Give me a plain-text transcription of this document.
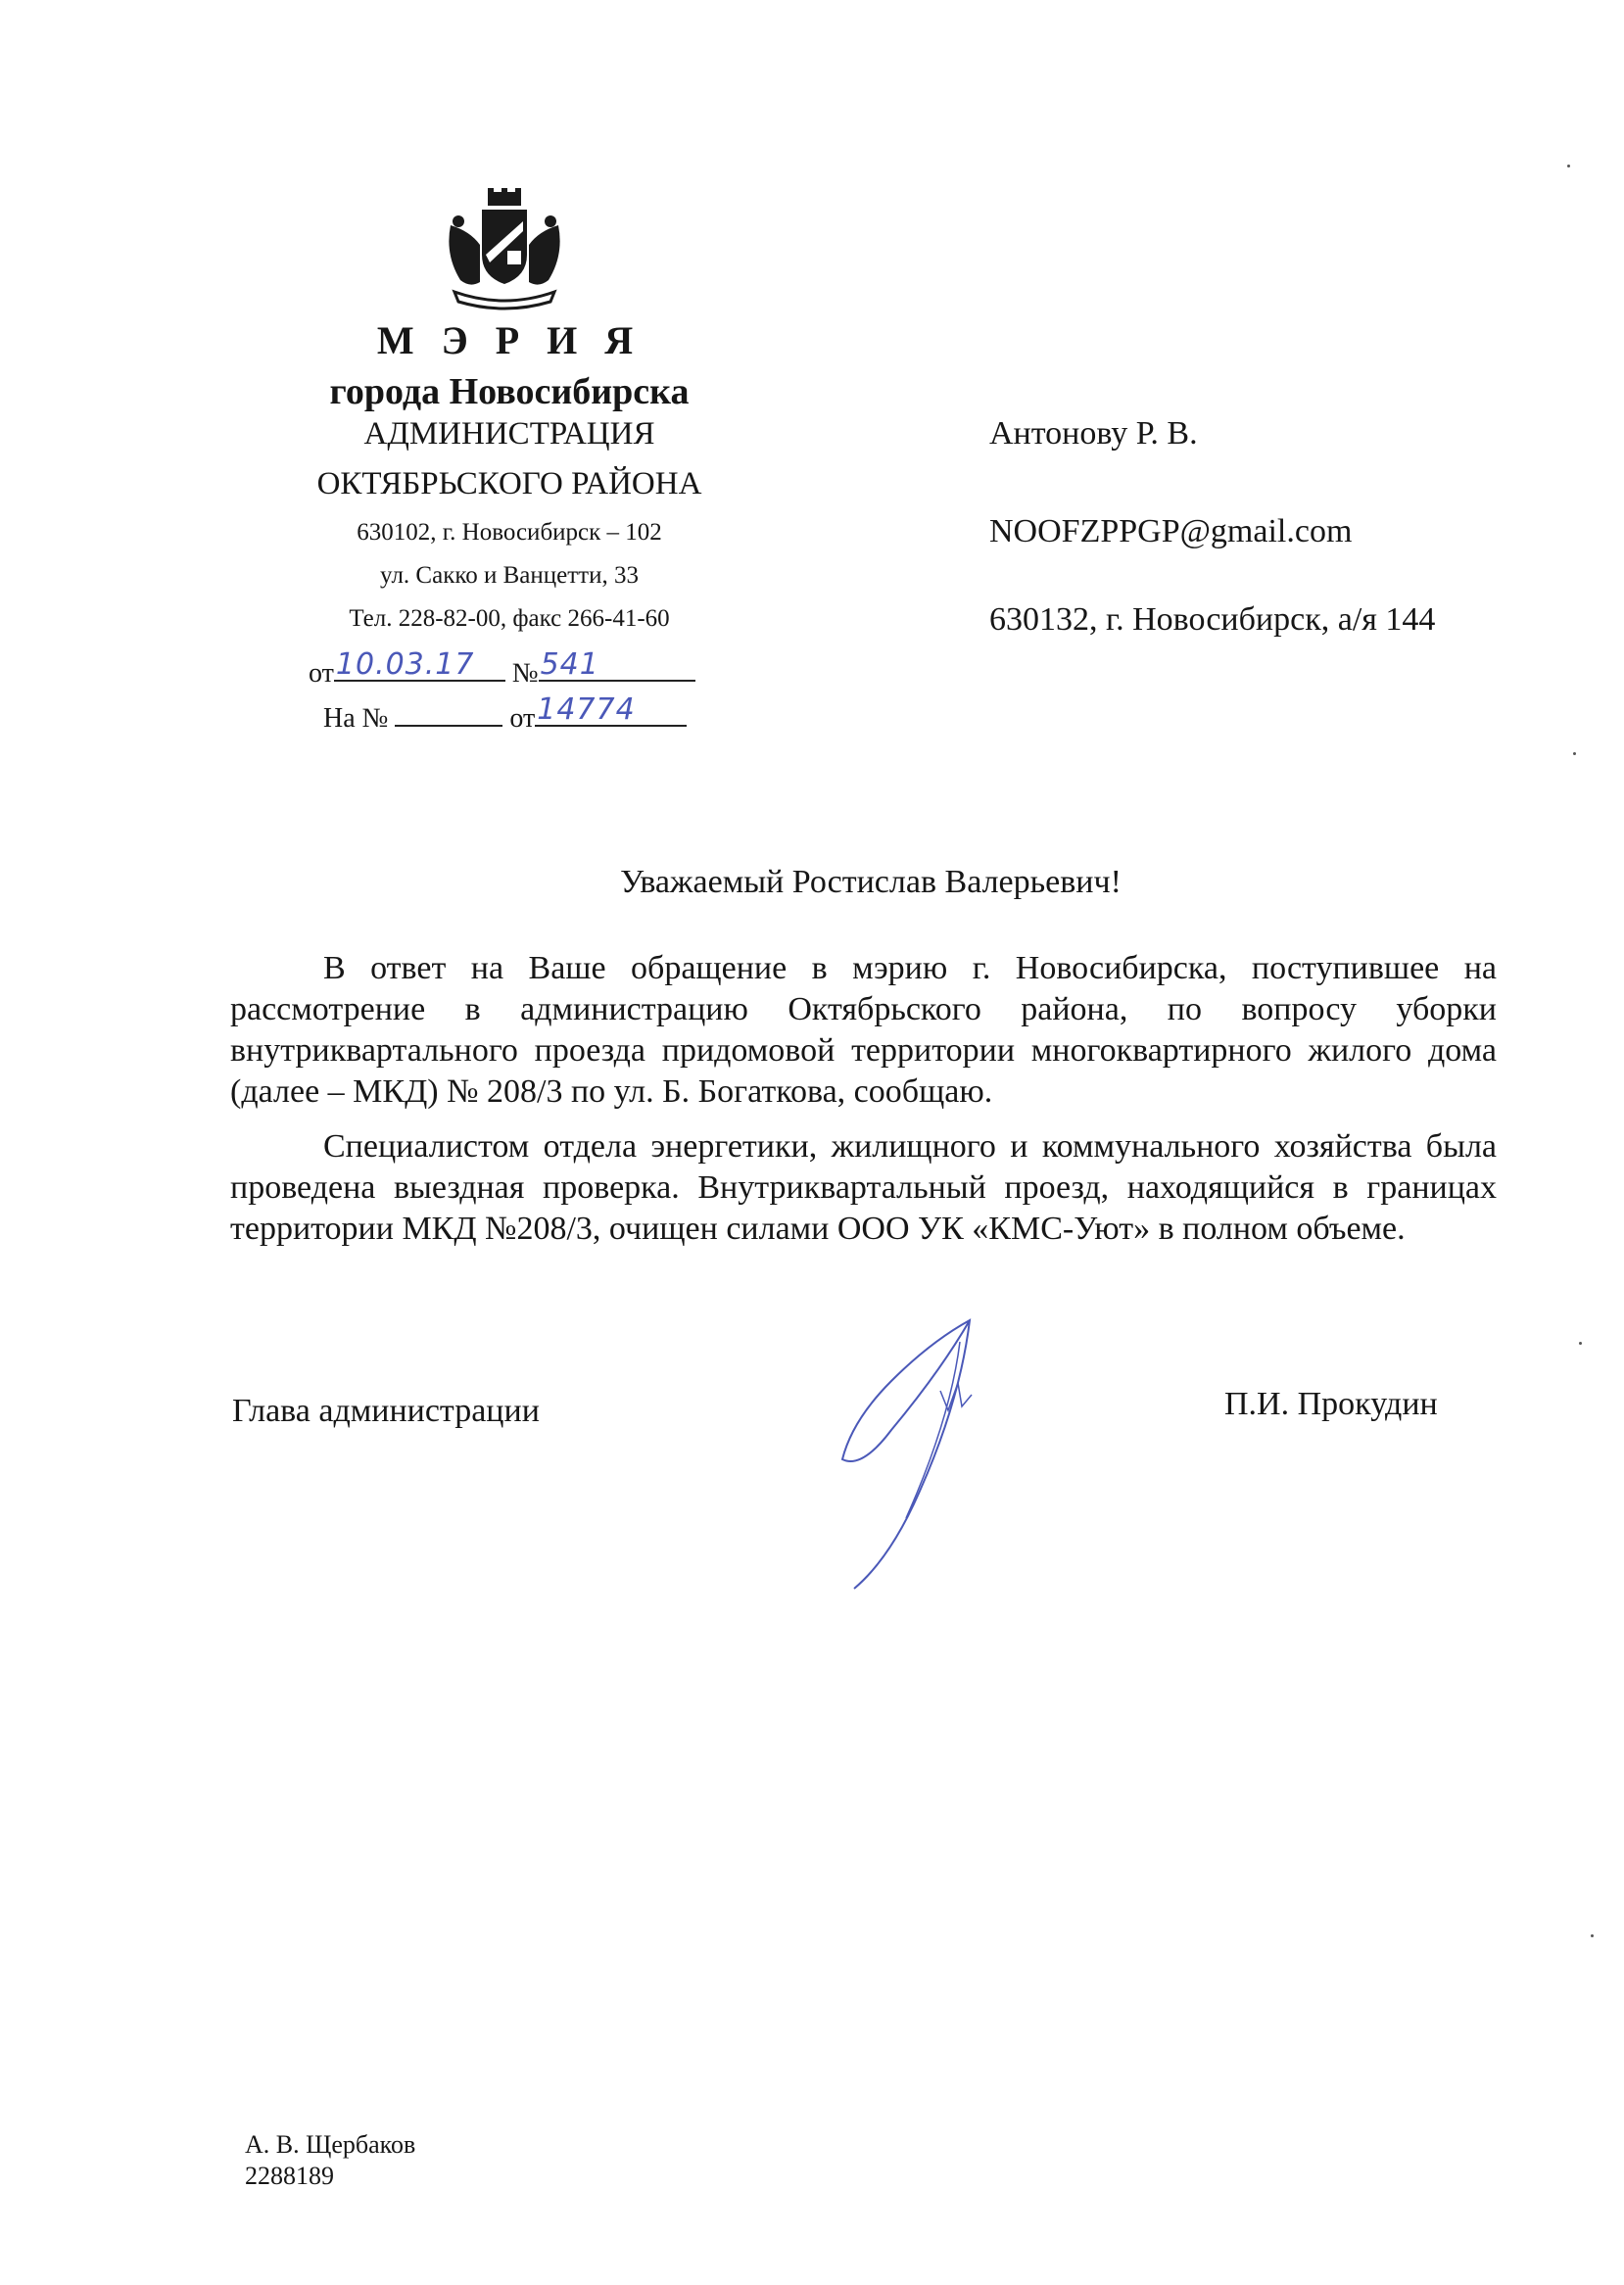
М Э Р И Я
города Новосибирска
АДМИНИСТРАЦИЯ
ОКТЯБРЬСКОГО РАЙОНА
630102, г. Новосибирск – 102
ул. Сакко и Ванцетти, 33
Тел. 228-82-00, факс 266-41-60
от 10.03.17 № 541
На №	от 14774
Антонову Р. В.
NOOFZPPGP@gmail.com
630132, г. Новосибирск, а/я 144
Уважаемый Ростислав Валерьевич!

В ответ на Ваше обращение в мэрию г. Новосибирска, поступившее на рассмотрение в администрацию Октябрьского района, по вопросу уборки внутриквартального проезда придомовой территории многоквартирного жилого дома (далее – МКД) № 208/3 по ул. Б. Богаткова, сообщаю.

Специалистом отдела энергетики, жилищного и коммунального хозяйства была проведена выездная проверка. Внутриквартальный проезд, находящийся в границах территории МКД №208/3, очищен силами ООО УК «КМС-Уют» в полном объеме.

Глава администрации	П.И. Прокудин
А. В. Щербаков
2288189
